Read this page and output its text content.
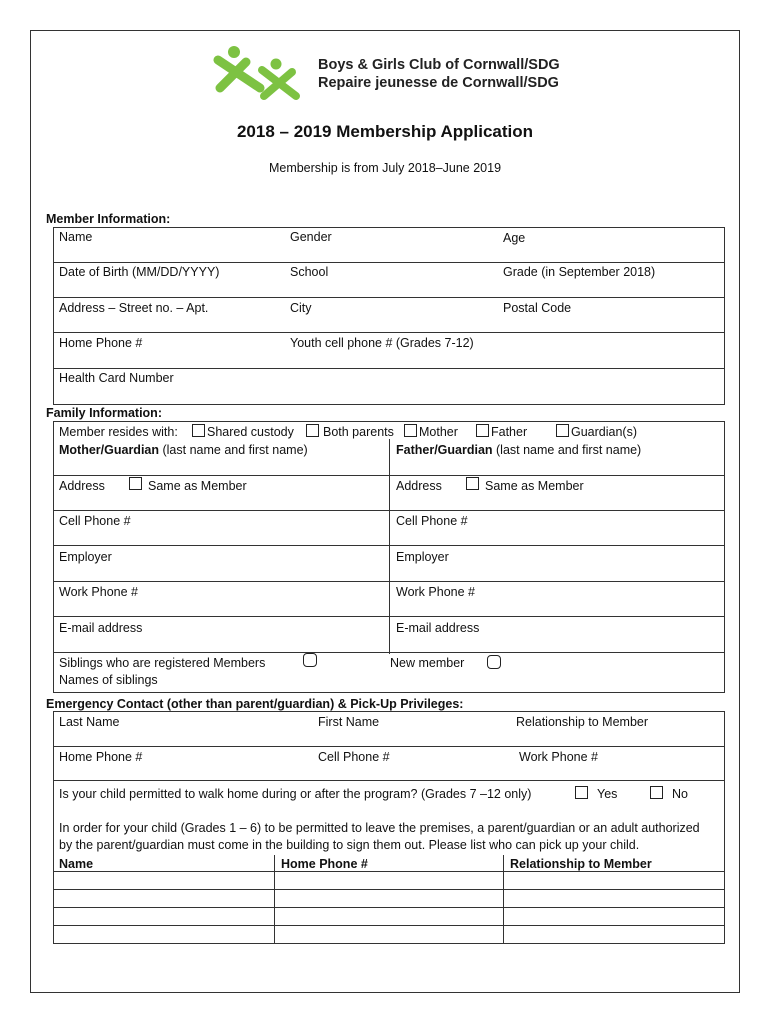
Boys & Girls Club of Cornwall/SDG
Repaire jeunesse de Cornwall/SDG
2018 – 2019 Membership Application
Membership is from July 2018–June 2019
Member Information:
Name	Gender	Age
Date of Birth (MM/DD/YYYY)	School	Grade (in September 2018)
Address – Street no. – Apt.	City	Postal Code
Home Phone #	Youth cell phone # (Grades 7-12)
Health Card Number
Family Information:
Member resides with: Shared custody Both parents Mother	Father	Guardian(s)
Mother/Guardian (last name and first name)	Father/Guardian (last name and first name)
Address	Same as Member	Address	Same as Member
Cell Phone #	Cell Phone #
Employer	Employer
Work Phone #	Work Phone #
E-mail address	E-mail address
Siblings who are registered Members	New member
Names of siblings
Emergency Contact (other than parent/guardian) & Pick-Up Privileges:
Last Name	First Name	Relationship to Member
Home Phone #	Cell Phone #	Work Phone #
Is your child permitted to walk home during or after the program? (Grades 7 –12 only)	Yes	No
In order for your child (Grades 1 – 6) to be permitted to leave the premises, a parent/guardian or an adult authorized
by the parent/guardian must come in the building to sign them out. Please list who can pick up your child.
Name	Home Phone #	Relationship to Member
